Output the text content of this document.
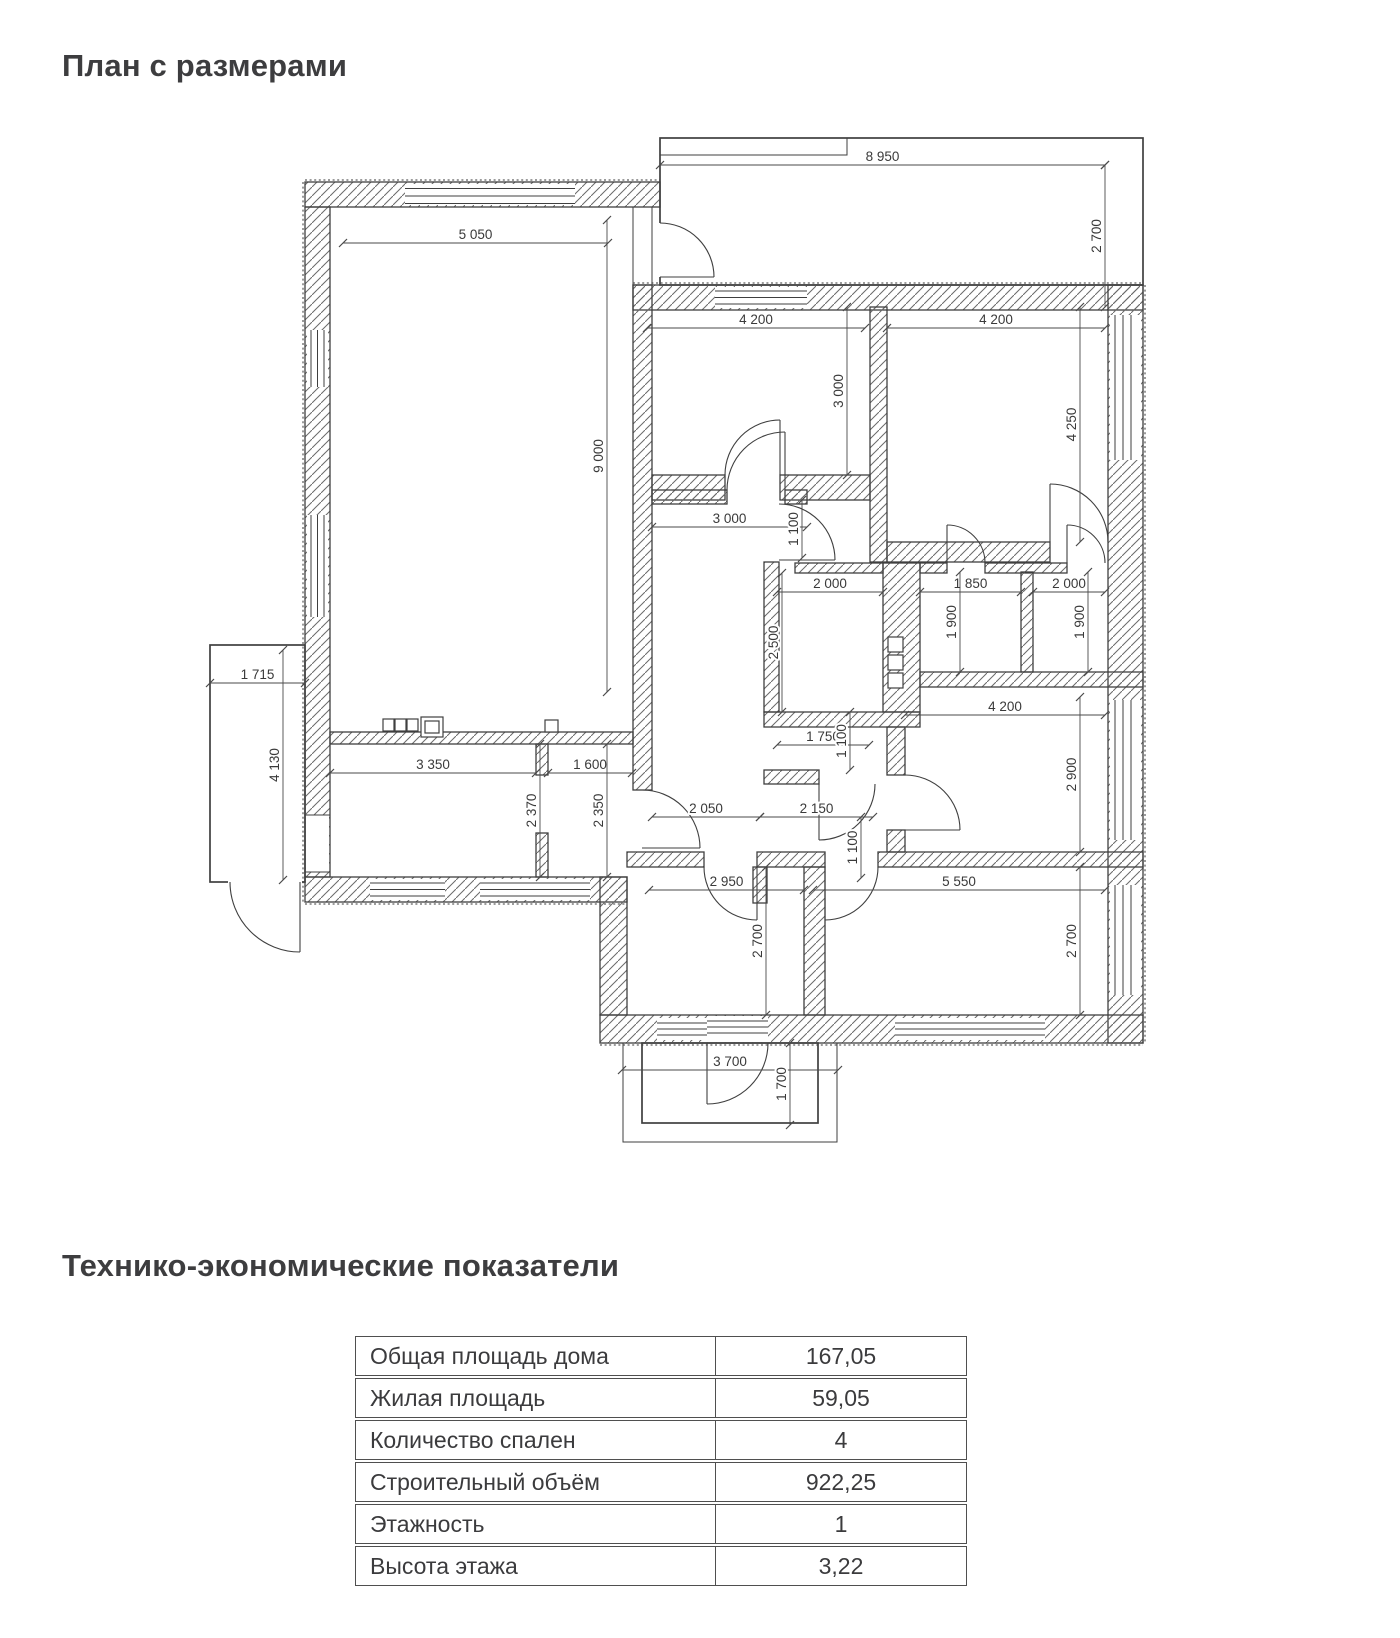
План с размерами
8 950
5 050
4 200	4 200
3 000
2 000	1 850	2 000
1 715
3 350	1 600
1 750
4 200
2 050	2 150
2 950	5 550
3 700
2 700
9 000
3 000
4 250
1 100
2 500
1 900	1 900
4 130
2 370	2 350
1 100
2 900
1 100
2 700	2 700
1 700
Технико-экономические показатели
Общая площадь дома	167,05
Жилая площадь	59,05
Количество спален	4
Строительный объём	922,25
Этажность	1
Высота этажа	3,22
